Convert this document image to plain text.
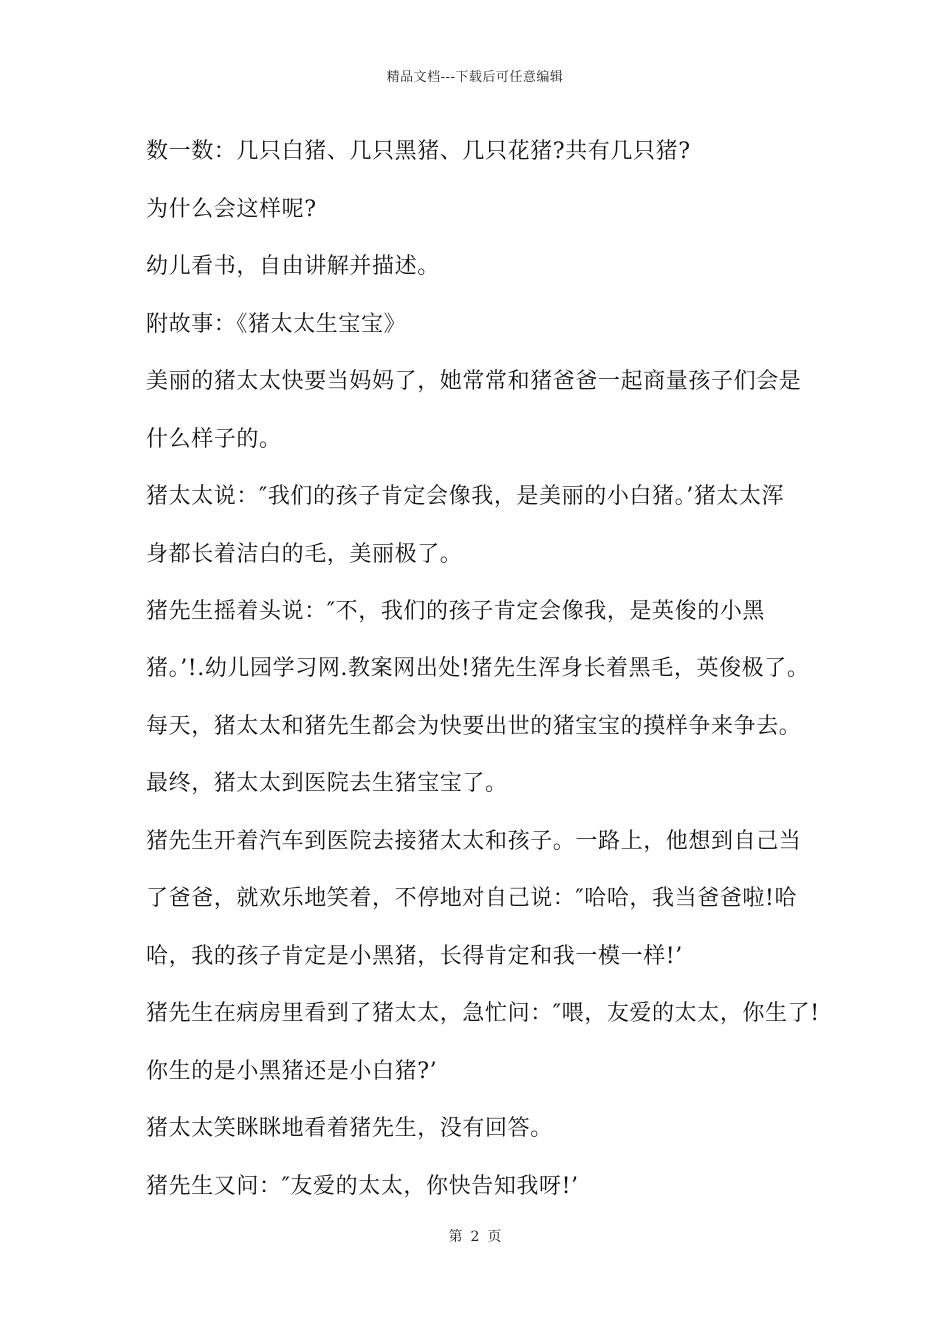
精品文档---下载后可任意编辑
数一数：几只白猪、几只黑猪、几只花猪?共有几只猪?
为什么会这样呢?
幼儿看书，自由讲解并描述。
附故事：《猪太太生宝宝》
美丽的猪太太快要当妈妈了，她常常和猪爸爸一起商量孩子们会是
什么样子的。
猪太太说：″我们的孩子肯定会像我，是美丽的小白猪。’猪太太浑
身都长着洁白的毛，美丽极了。
猪先生摇着头说：″不，我们的孩子肯定会像我，是英俊的小黑
猪。’!.幼儿园学习网.教案网出处!猪先生浑身长着黑毛，英俊极了。
每天，猪太太和猪先生都会为快要出世的猪宝宝的摸样争来争去。
最终，猪太太到医院去生猪宝宝了。
猪先生开着汽车到医院去接猪太太和孩子。一路上，他想到自己当
了爸爸，就欢乐地笑着，不停地对自己说：″哈哈，我当爸爸啦!哈
哈，我的孩子肯定是小黑猪，长得肯定和我一模一样!’
猪先生在病房里看到了猪太太，急忙问：″喂，友爱的太太，你生了!
你生的是小黑猪还是小白猪?’
猪太太笑眯眯地看着猪先生，没有回答。
猪先生又问：″友爱的太太，你快告知我呀!’
第 2 页
